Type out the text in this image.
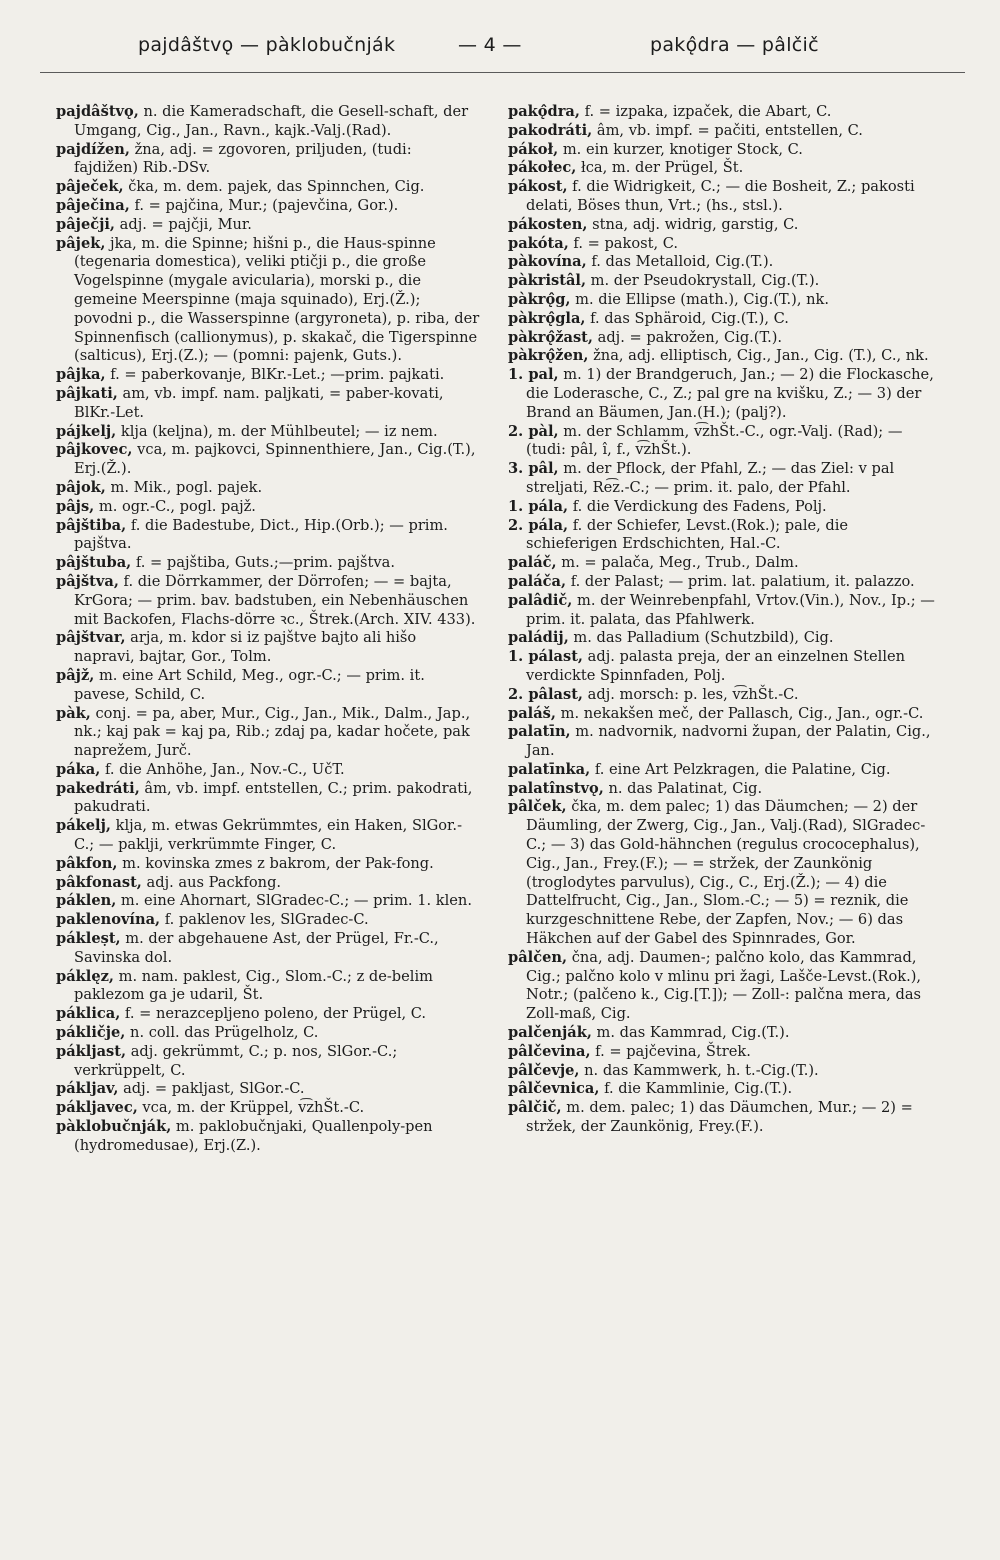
pajdâštvǫ — pàklobučnják	— 4 —	pakǫ̂dra — pâlčič

pajdâštvǫ, n. die Kameradschaft, die Gesell-schaft, der Umgang, Cig., Jan., Ravn., kajk.-Valj.(Rad).

pajdížen, žna, adj. = zgovoren, priljuden, (tudi: fajdižen) Rib.-DSv.

pâječek, čka, m. dem. pajek, das Spinnchen, Cig.

pâječina, f. = pajčina, Mur.; (pajevčina, Gor.).

pâječji, adj. = pajčji, Mur.

pâjek, jka, m. die Spinne; hišni p., die Haus-spinne (tegenaria domestica), veliki ptičji p., die große Vogelspinne (mygale avicularia), morski p., die gemeine Meerspinne (maja squinado), Erj.(Ž.); povodni p., die Wasserspinne (argyroneta), p. riba, der Spinnenfisch (callionymus), p. skakač, die Tigerspinne (salticus), Erj.(Z.); — (pomni: pajenk, Guts.).

pâjka, f. = paberkovanje, BlKr.-Let.; —prim. pajkati.

pâjkati, am, vb. impf. nam. paljkati, = paber-kovati, BlKr.-Let.

pájkelj, klja (keljna), m. der Mühlbeutel; — iz nem.

pâjkovec, vca, m. pajkovci, Spinnenthiere, Jan., Cig.(T.), Erj.(Ž.).

pâjok, m. Mik., pogl. pajek.

pâjs, m. ogr.-C., pogl. pajž.

pâjštiba, f. die Badestube, Dict., Hip.(Orb.); — prim. pajštva.

pâjštuba, f. = pajštiba, Guts.;—prim. pajštva.

pâjštva, f. die Dörrkammer, der Dörrofen; — = bajta, KrGora; — prim. bav. badstuben, ein Nebenhäuschen mit Backofen, Flachs-dörre ꝛc., Štrek.(Arch. XIV. 433).

pâjštvar, arja, m. kdor si iz pajštve bajto ali hišo napravi, bajtar, Gor., Tolm.

pâjž, m. eine Art Schild, Meg., ogr.-C.; — prim. it. pavese, Schild, C.

pàk, conj. = pa, aber, Mur., Cig., Jan., Mik., Dalm., Jap., nk.; kaj pak = kaj pa, Rib.; zdaj pa, kadar hočete, pak naprežem, Jurč.

páka, f. die Anhöhe, Jan., Nov.-C., UčT.

pakedráti, âm, vb. impf. entstellen, C.; prim. pakodrati, pakudrati.

pákelj, klja, m. etwas Gekrümmtes, ein Haken, SlGor.-C.; — paklji, verkrümmte Finger, C.

pâkfon, m. kovinska zmes z bakrom, der Pak-fong.

pâkfonast, adj. aus Packfong.

páklen, m. eine Ahornart, SlGradec-C.; — prim. 1. klen.

paklenovína, f. paklenov les, SlGradec-C.

pákleṣt, m. der abgehauene Ast, der Prügel, Fr.-C., Savinska dol.

páklęz, m. nam. paklest, Cig., Slom.-C.; z de-belim paklezom ga je udaril, Št.

páklica, f. = nerazcepljeno poleno, der Prügel, C.

pákličje, n. coll. das Prügelholz, C.

pákljast, adj. gekrümmt, C.; p. nos, SlGor.-C.; verkrüppelt, C.

pákljav, adj. = pakljast, SlGor.-C.

pákljavec, vca, m. der Krüppel, v͡zhŠt.-C.

pàklobučnják, m. paklobučnjaki, Quallenpoly-pen (hydromedusae), Erj.(Z.).

pakǫ̂dra, f. = izpaka, izpaček, die Abart, C.

pakodráti, âm, vb. impf. = pačiti, entstellen, C.

pákoł, m. ein kurzer, knotiger Stock, C.

pákołec, łca, m. der Prügel, Št.

pákost, f. die Widrigkeit, C.; — die Bosheit, Z.; pakosti delati, Böses thun, Vrt.; (hs., stsl.).

pákosten, stna, adj. widrig, garstig, C.

pakóta, f. = pakost, C.

pàkovína, f. das Metalloid, Cig.(T.).

pàkristâl, m. der Pseudokrystall, Cig.(T.).

pàkrǫ̂g, m. die Ellipse (math.), Cig.(T.), nk.

pàkrǫ̂gla, f. das Sphäroid, Cig.(T.), C.

pàkrǫ̂žast, adj. = pakrožen, Cig.(T.).

pàkrǫ̂žen, žna, adj. elliptisch, Cig., Jan., Cig. (T.), C., nk.

1. pal, m. 1) der Brandgeruch, Jan.; — 2) die Flockasche, die Loderasche, C., Z.; pal gre na kvišku, Z.; — 3) der Brand an Bäumen, Jan.(H.); (palj?).

2. pàl, m. der Schlamm, v͡zhŠt.-C., ogr.-Valj. (Rad); — (tudi: pâl, î, f., v͡zhŠt.).

3. pâl, m. der Pflock, der Pfahl, Z.; — das Ziel: v pal streljati, Re͡z.-C.; — prim. it. palo, der Pfahl.

1. pála, f. die Verdickung des Fadens, Polj.

2. pála, f. der Schiefer, Levst.(Rok.); pale, die schieferigen Erdschichten, Hal.-C.

paláč, m. = palača, Meg., Trub., Dalm.

paláča, f. der Palast; — prim. lat. palatium, it. palazzo.

palâdič, m. der Weinrebenpfahl, Vrtov.(Vin.), Nov., Ip.; — prim. it. palata, das Pfahlwerk.

paládij, m. das Palladium (Schutzbild), Cig.

1. pálast, adj. palasta preja, der an einzelnen Stellen verdickte Spinnfaden, Polj.

2. pâlast, adj. morsch: p. les, v͡zhŠt.-C.

paláš, m. nekakšen meč, der Pallasch, Cig., Jan., ogr.-C.

palatīn, m. nadvornik, nadvorni župan, der Palatin, Cig., Jan.

palatīnka, f. eine Art Pelzkragen, die Palatine, Cig.

palatînstvǫ, n. das Palatinat, Cig.

pâlček, čka, m. dem palec; 1) das Däumchen; — 2) der Däumling, der Zwerg, Cig., Jan., Valj.(Rad), SlGradec-C.; — 3) das Gold-hähnchen (regulus crococephalus), Cig., Jan., Frey.(F.); — = stržek, der Zaunkönig (troglodytes parvulus), Cig., C., Erj.(Ž.); — 4) die Dattelfrucht, Cig., Jan., Slom.-C.; — 5) = reznik, die kurzgeschnittene Rebe, der Zapfen, Nov.; — 6) das Häkchen auf der Gabel des Spinnrades, Gor.

pâlčen, čna, adj. Daumen-; palčno kolo, das Kammrad, Cig.; palčno kolo v mlinu pri žagi, Lašče-Levst.(Rok.), Notr.; (palčeno k., Cig.[T.]); — Zoll-: palčna mera, das Zoll-maß, Cig.

palčenják, m. das Kammrad, Cig.(T.).

pâlčevina, f. = pajčevina, Štrek.

pâlčevje, n. das Kammwerk, h. t.-Cig.(T.).

pâlčevnica, f. die Kammlinie, Cig.(T.).

pâlčič, m. dem. palec; 1) das Däumchen, Mur.; — 2) = stržek, der Zaunkönig, Frey.(F.).
